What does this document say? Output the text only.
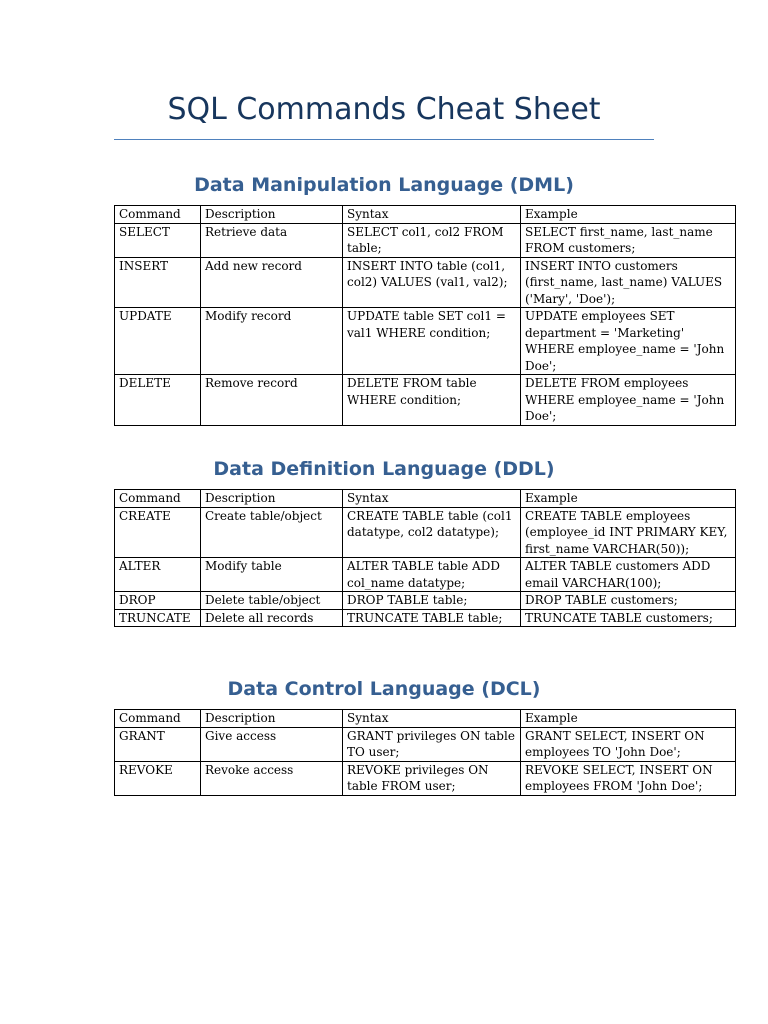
SQL Commands Cheat Sheet
Data Manipulation Language (DML)
Command	Description	Syntax	Example
SELECT	Retrieve data	SELECT col1, col2 FROM table;	SELECT first_name, last_name FROM customers;
INSERT	Add new record	INSERT INTO table (col1, col2) VALUES (val1, val2);	INSERT INTO customers (first_name, last_name) VALUES ('Mary', 'Doe');
UPDATE	Modify record	UPDATE table SET col1 = val1 WHERE condition;	UPDATE employees SET department = 'Marketing' WHERE employee_name = 'John Doe';
DELETE	Remove record	DELETE FROM table WHERE condition;	DELETE FROM employees WHERE employee_name = 'John Doe';
Data Definition Language (DDL)
Command	Description	Syntax	Example
CREATE	Create table/object	CREATE TABLE table (col1 datatype, col2 datatype);	CREATE TABLE employees (employee_id INT PRIMARY KEY, first_name VARCHAR(50));
ALTER	Modify table	ALTER TABLE table ADD col_name datatype;	ALTER TABLE customers ADD email VARCHAR(100);
DROP	Delete table/object	DROP TABLE table;	DROP TABLE customers;
TRUNCATE	Delete all records	TRUNCATE TABLE table;	TRUNCATE TABLE customers;
Data Control Language (DCL)
Command	Description	Syntax	Example
GRANT	Give access	GRANT privileges ON table TO user;	GRANT SELECT, INSERT ON employees TO 'John Doe';
REVOKE	Revoke access	REVOKE privileges ON table FROM user;	REVOKE SELECT, INSERT ON employees FROM 'John Doe';
